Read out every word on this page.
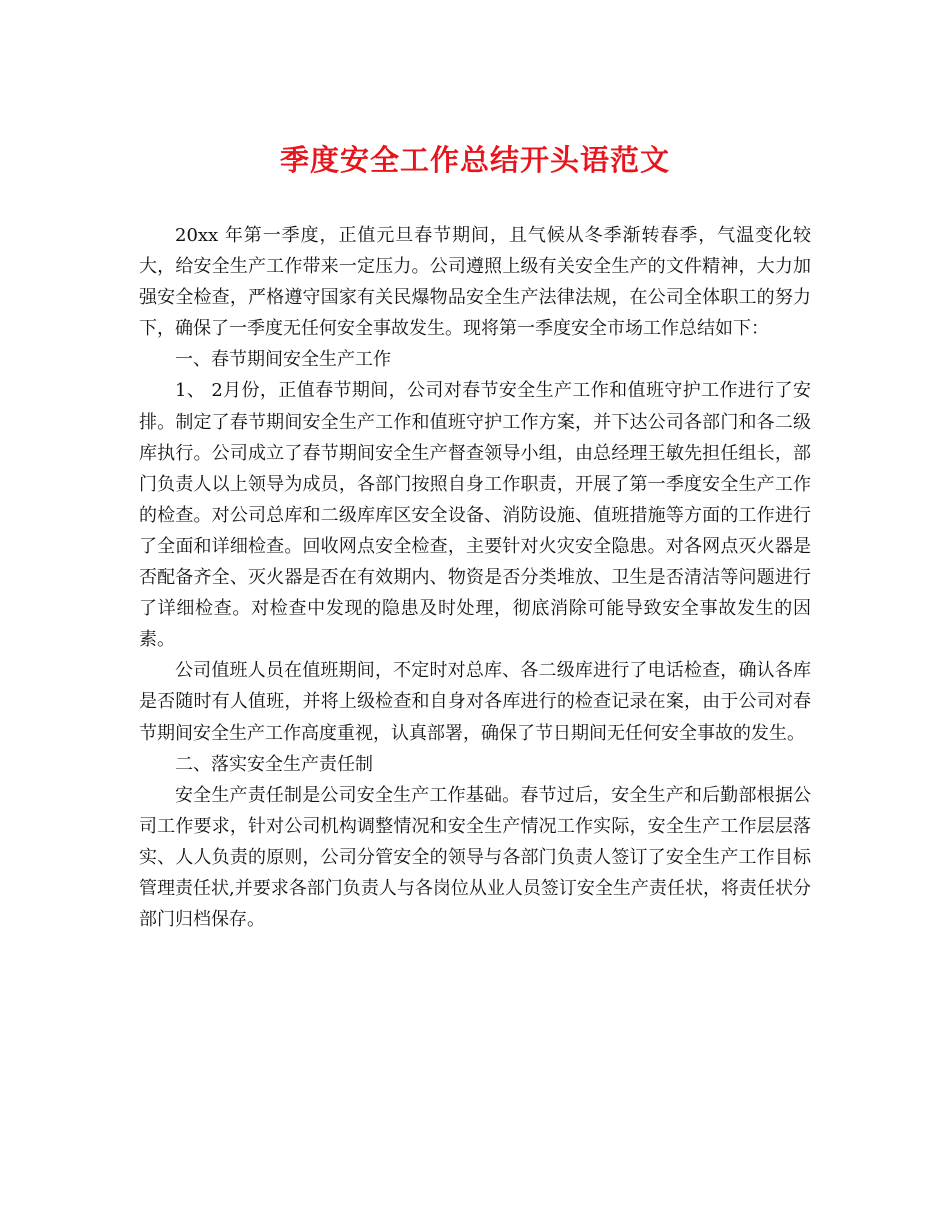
季度安全工作总结开头语范文

20xx 年第一季度，正值元旦春节期间，且气候从冬季渐转春季，气温变化较大，给安全生产工作带来一定压力。公司遵照上级有关安全生产的文件精神，大力加强安全检查，严格遵守国家有关民爆物品安全生产法律法规，在公司全体职工的努力下，确保了一季度无任何安全事故发生。现将第一季度安全市场工作总结如下：

一、春节期间安全生产工作

1、 2月份，正值春节期间，公司对春节安全生产工作和值班守护工作进行了安排。制定了春节期间安全生产工作和值班守护工作方案，并下达公司各部门和各二级库执行。公司成立了春节期间安全生产督查领导小组，由总经理王敏先担任组长，部门负责人以上领导为成员，各部门按照自身工作职责，开展了第一季度安全生产工作的检查。对公司总库和二级库库区安全设备、消防设施、值班措施等方面的工作进行了全面和详细检查。回收网点安全检查，主要针对火灾安全隐患。对各网点灭火器是否配备齐全、灭火器是否在有效期内、物资是否分类堆放、卫生是否清洁等问题进行了详细检查。对检查中发现的隐患及时处理，彻底消除可能导致安全事故发生的因素。

公司值班人员在值班期间，不定时对总库、各二级库进行了电话检查，确认各库是否随时有人值班，并将上级检查和自身对各库进行的检查记录在案，由于公司对春节期间安全生产工作高度重视，认真部署，确保了节日期间无任何安全事故的发生。

二、落实安全生产责任制

安全生产责任制是公司安全生产工作基础。春节过后，安全生产和后勤部根据公司工作要求，针对公司机构调整情况和安全生产情况工作实际，安全生产工作层层落实、人人负责的原则，公司分管安全的领导与各部门负责人签订了安全生产工作目标管理责任状,并要求各部门负责人与各岗位从业人员签订安全生产责任状，将责任状分部门归档保存。
